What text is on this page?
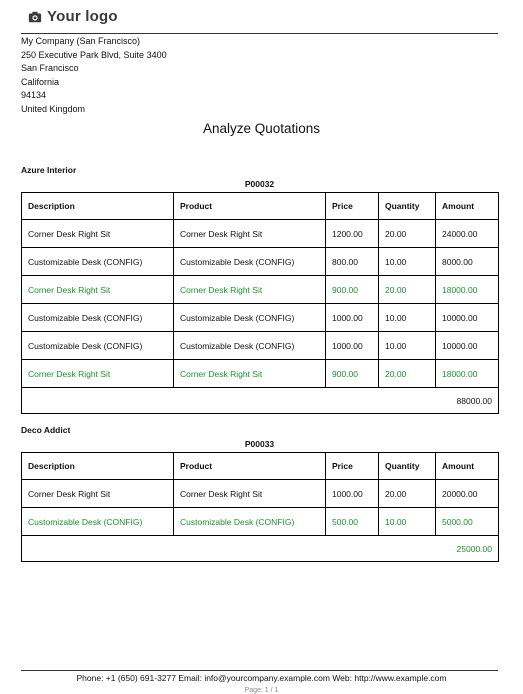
Your logo
My Company (San Francisco)
250 Executive Park Blvd, Suite 3400
San Francisco
California
94134
United Kingdom
Analyze Quotations
Azure Interior
P00032
Description	Product	Price	Quantity	Amount
Corner Desk Right Sit	Corner Desk Right Sit	1200.00	20.00	24000.00
Customizable Desk (CONFIG)	Customizable Desk (CONFIG)	800.00	10.00	8000.00
Corner Desk Right Sit	Corner Desk Right Sit	900.00	20.00	18000.00
Customizable Desk (CONFIG)	Customizable Desk (CONFIG)	1000.00	10.00	10000.00
Customizable Desk (CONFIG)	Customizable Desk (CONFIG)	1000.00	10.00	10000.00
Corner Desk Right Sit	Corner Desk Right Sit	900.00	20.00	18000.00
88000.00				
Deco Addict
P00033
Description	Product	Price	Quantity	Amount
Corner Desk Right Sit	Corner Desk Right Sit	1000.00	20.00	20000.00
Customizable Desk (CONFIG)	Customizable Desk (CONFIG)	500.00	10.00	5000.00
25000.00				
Phone: +1 (650) 691-3277 Email: info@yourcompany.example.com Web: http://www.example.com
Page: 1 / 1
